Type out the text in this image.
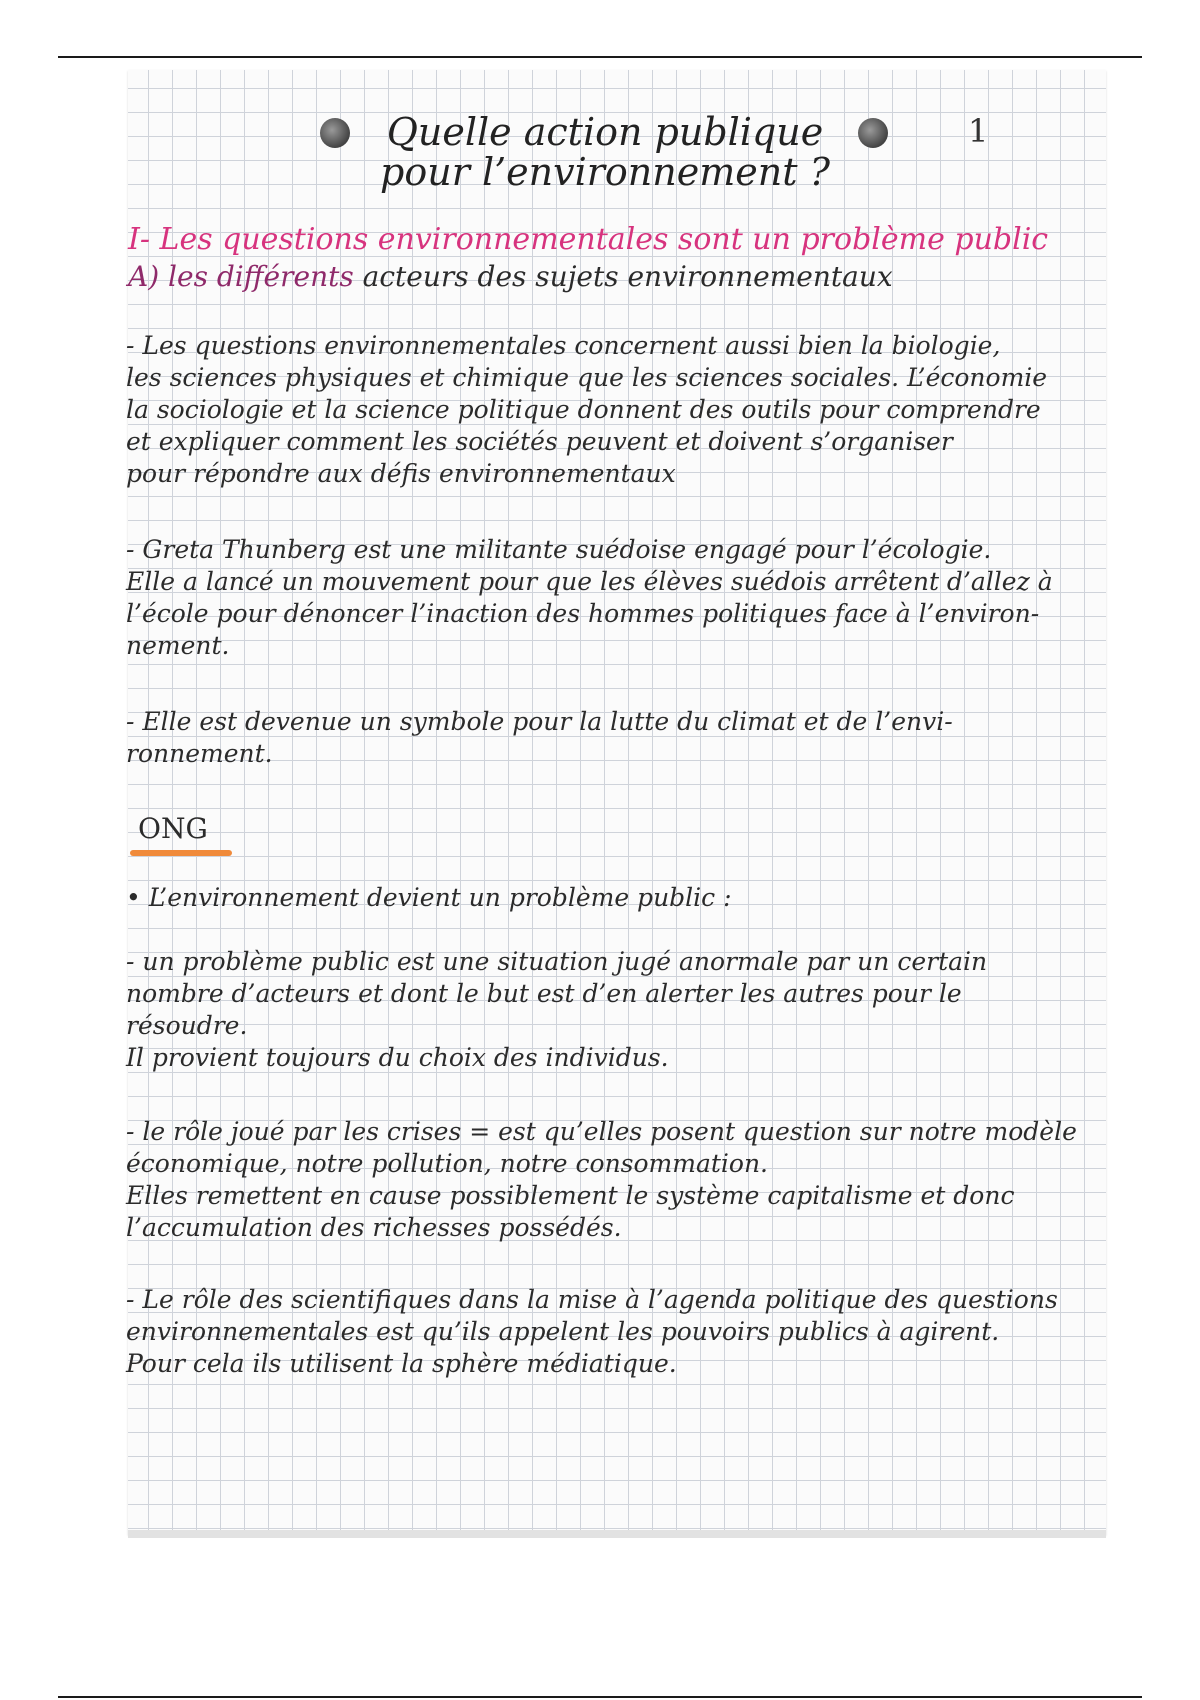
Quelle action publique pour l’environnement ?
1
I- Les questions environnementales sont un problème public
A) les différents acteurs des sujets environnementaux
- Les questions environnementales concernent aussi bien la biologie,
les sciences physiques et chimique que les sciences sociales. L’économie
la sociologie et la science politique donnent des outils pour comprendre
et expliquer comment les sociétés peuvent et doivent s’organiser
pour répondre aux défis environnementaux
- Greta Thunberg est une militante suédoise engagé pour l’écologie.
Elle a lancé un mouvement pour que les élèves suédois arrêtent d’allez à
l’école pour dénoncer l’inaction des hommes politiques face à l’environ-
nement.
- Elle est devenue un symbole pour la lutte du climat et de l’envi-
ronnement.
ONG
• L’environnement devient un problème public :
- un problème public est une situation jugé anormale par un certain
nombre d’acteurs et dont le but est d’en alerter les autres pour le
résoudre.
Il provient toujours du choix des individus.
- le rôle joué par les crises = est qu’elles posent question sur notre modèle
économique, notre pollution, notre consommation.
Elles remettent en cause possiblement le système capitalisme et donc
l’accumulation des richesses possédés.
- Le rôle des scientifiques dans la mise à l’agenda politique des questions
environnementales est qu’ils appelent les pouvoirs publics à agirent.
Pour cela ils utilisent la sphère médiatique.
